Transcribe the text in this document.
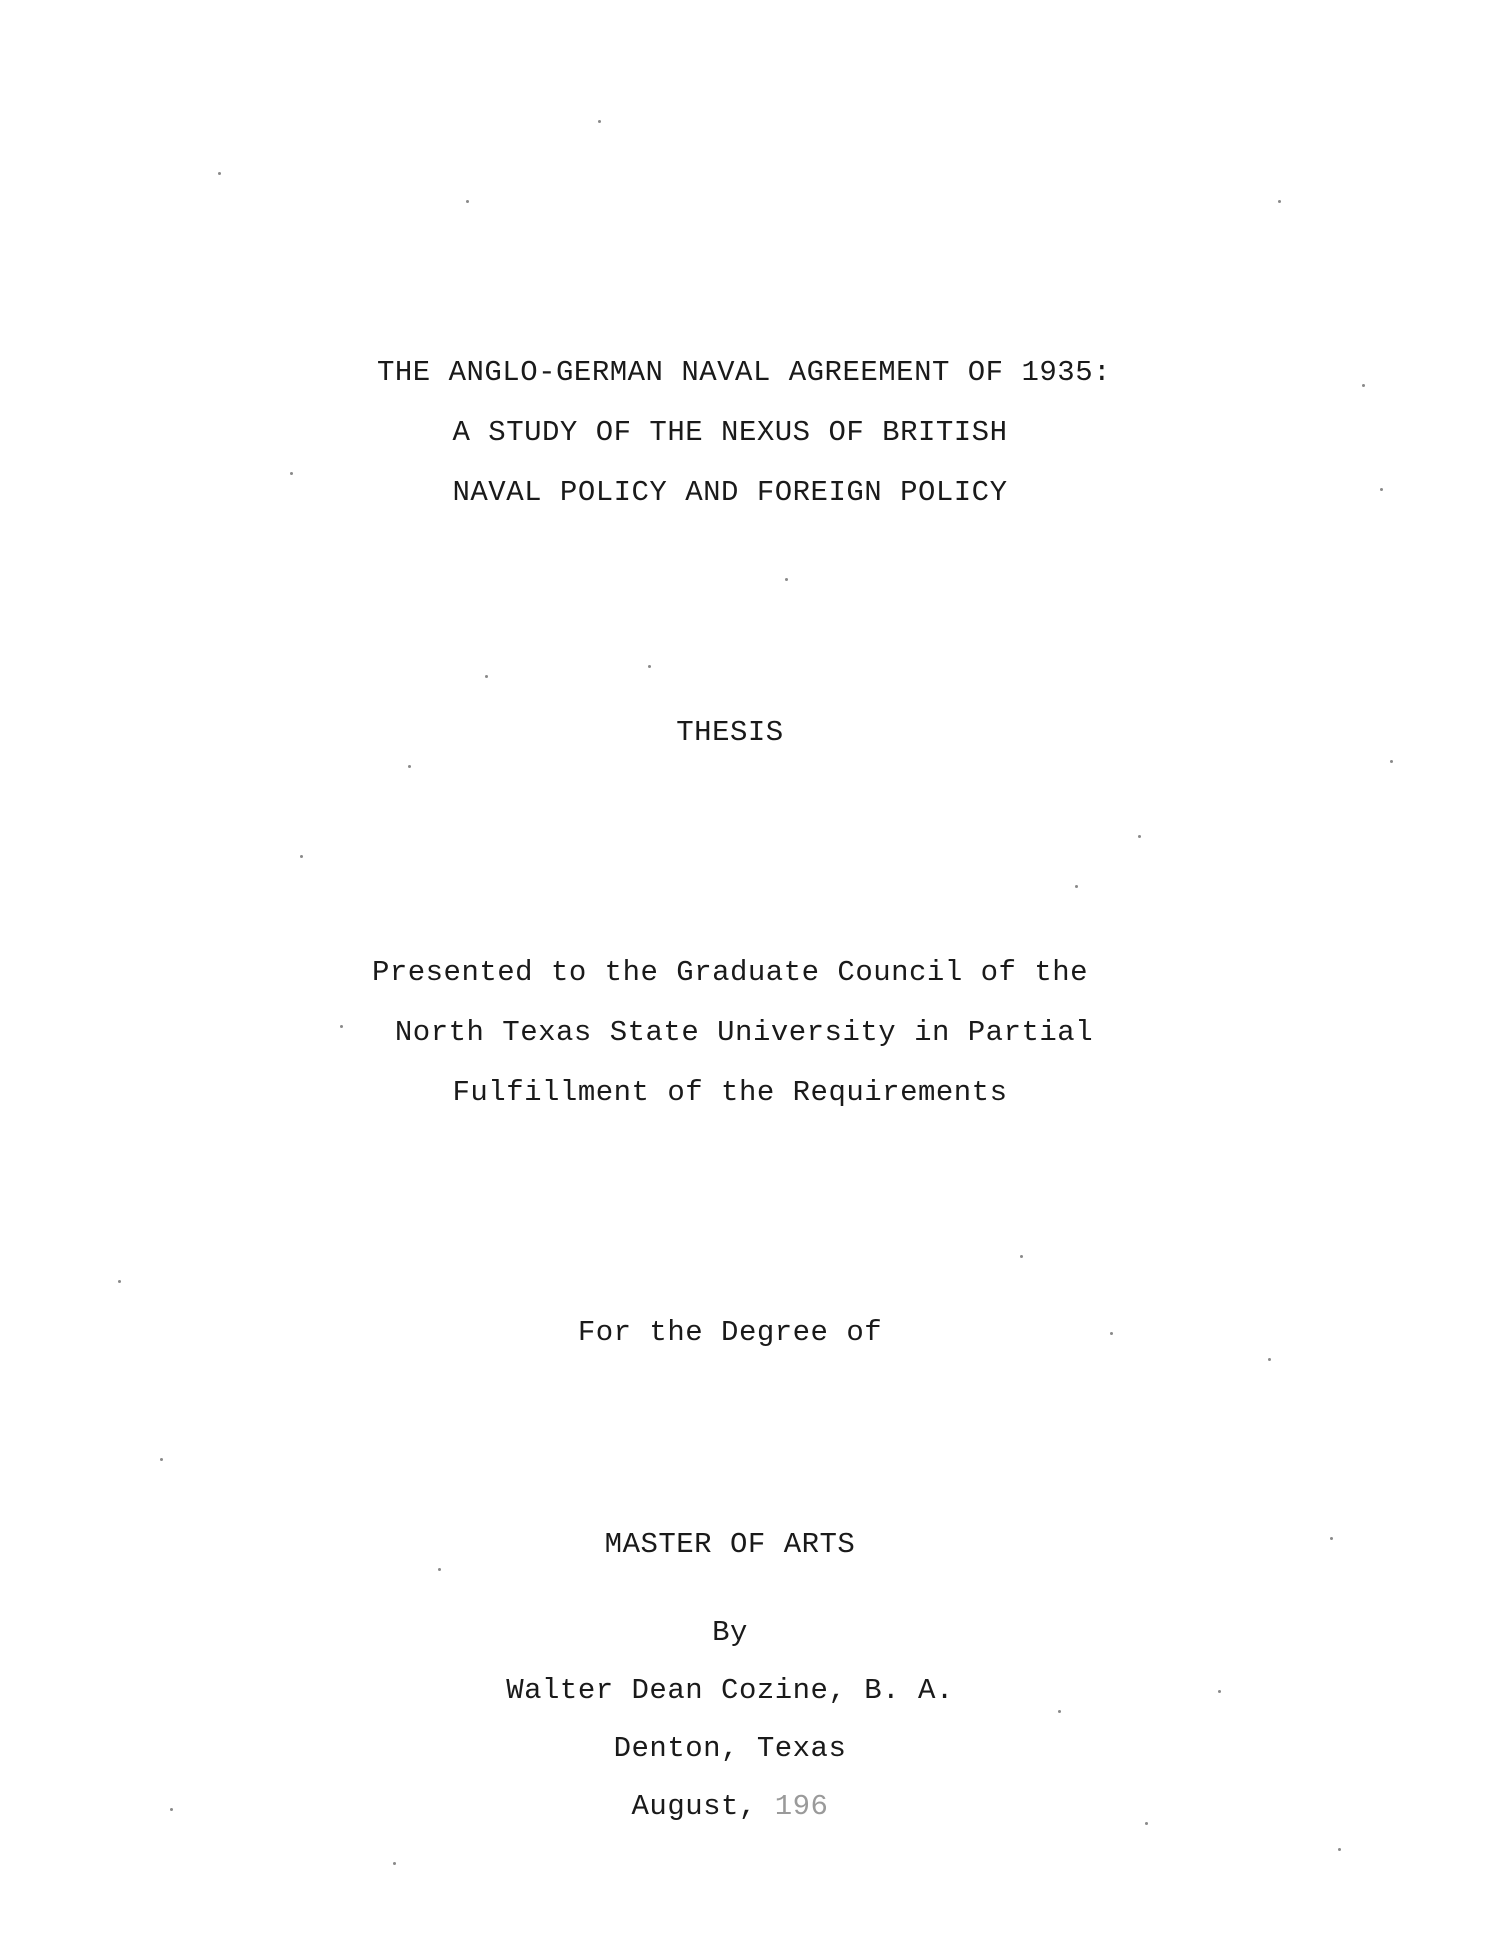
THE ANGLO-GERMAN NAVAL AGREEMENT OF 1935:
A STUDY OF THE NEXUS OF BRITISH
NAVAL POLICY AND FOREIGN POLICY
THESIS
Presented to the Graduate Council of the
North Texas State University in Partial
Fulfillment of the Requirements
For the Degree of
MASTER OF ARTS
By
Walter Dean Cozine, B. A.
Denton, Texas
August, 196
